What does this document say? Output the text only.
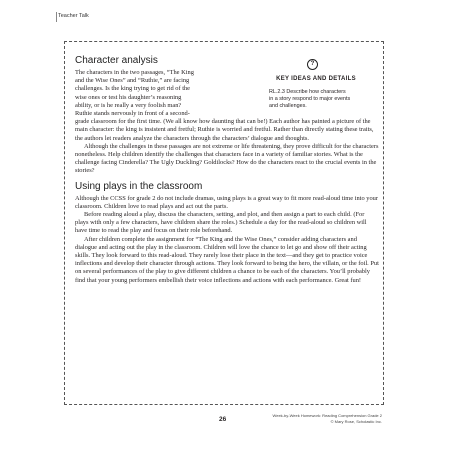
Teacher Talk
?
KEY IDEAS AND DETAILS
RL.2.3 Describe how characters
in a story respond to major events
and challenges.
Character analysis

The characters in the two passages, “The King

and the Wise Ones” and “Ruthie,” are facing

challenges. Is the king trying to get rid of the

wise ones or test his daughter’s reasoning

ability, or is he really a very foolish man?

Ruthie stands nervously in front of a second-

grade classroom for the first time. (We all know how daunting that can be!) Each author has painted a picture of the main character: the king is insistent and fretful; Ruthie is worried and fretful. Rather than directly stating these traits, the authors let readers analyze the characters through the characters’ dialogue and thoughts.

Although the challenges in these passages are not extreme or life threatening, they prove difficult for the characters nonetheless. Help children identify the challenges that characters face in a variety of familiar stories. What is the challenge facing Cinderella? The Ugly Duckling? Goldilocks? How do the characters react to the crucial events in the stories?

Using plays in the classroom

Although the CCSS for grade 2 do not include dramas, using plays is a great way to fit more read-aloud time into your classroom. Children love to read plays and act out the parts.

Before reading aloud a play, discuss the characters, setting, and plot, and then assign a part to each child. (For plays with only a few characters, have children share the roles.) Schedule a day for the read-aloud so children will have time to read the play and focus on their role beforehand.

After children complete the assignment for “The King and the Wise Ones,” consider adding characters and dialogue and acting out the play in the classroom. Children will love the chance to let go and show off their acting skills. They look forward to this read-aloud. They rarely lose their place in the text—and they get to practice voice inflections and develop their character through actions. They look forward to being the hero, the villain, or the foil. Put on several performances of the play to give different children a chance to be each of the characters. You’ll probably find that your young performers embellish their voice inflections and actions with each performance. Great fun!

26
Week-by-Week Homework: Reading Comprehension Grade 2
© Mary Rose, Scholastic Inc.
